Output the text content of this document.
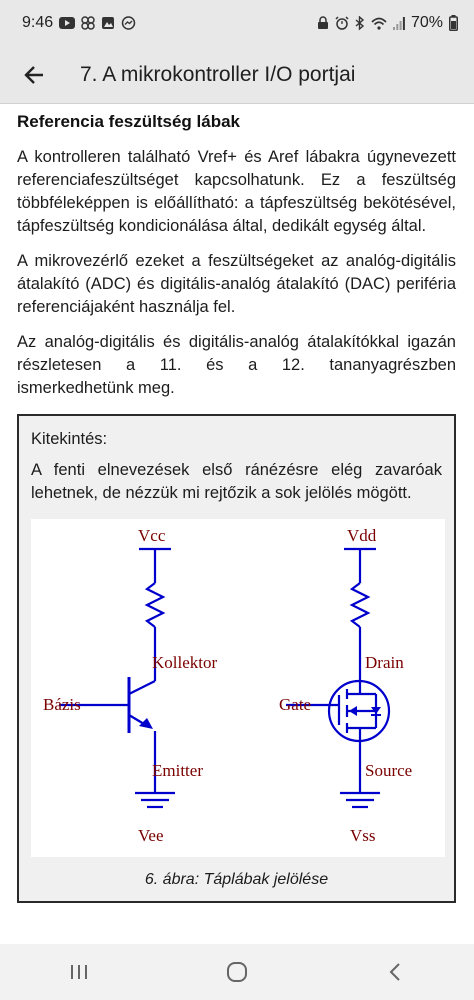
9:46	70%
7. A mikrokontroller I/O portjai
Referencia feszültség lábak

A kontrolleren található Vref+ és Aref lábakra úgynevezett referenciafeszültséget kapcsolhatunk. Ez a feszültség többféleképpen is előállítható: a tápfeszültség bekötésével, tápfeszültség kondicionálása által, dedikált egység által.

A mikrovezérlő ezeket a feszültségeket az analóg-digitális átalakító (ADC) és digitális-analóg átalakító (DAC) periféria referenciájaként használja fel.

Az analóg-digitális és digitális-analóg átalakítókkal igazán részletesen a 11. és a 12. tananyagrészben ismerkedhetünk meg.

Kitekintés:
A fenti elnevezések első ránézésre elég zavaróak lehetnek, de nézzük mi rejtőzik a sok jelölés mögött.
Vcc
Kollektor
Bázis
Emitter
Vee
Vdd
Drain
Gate
Source
Vss
6. ábra: Táplábak jelölése
